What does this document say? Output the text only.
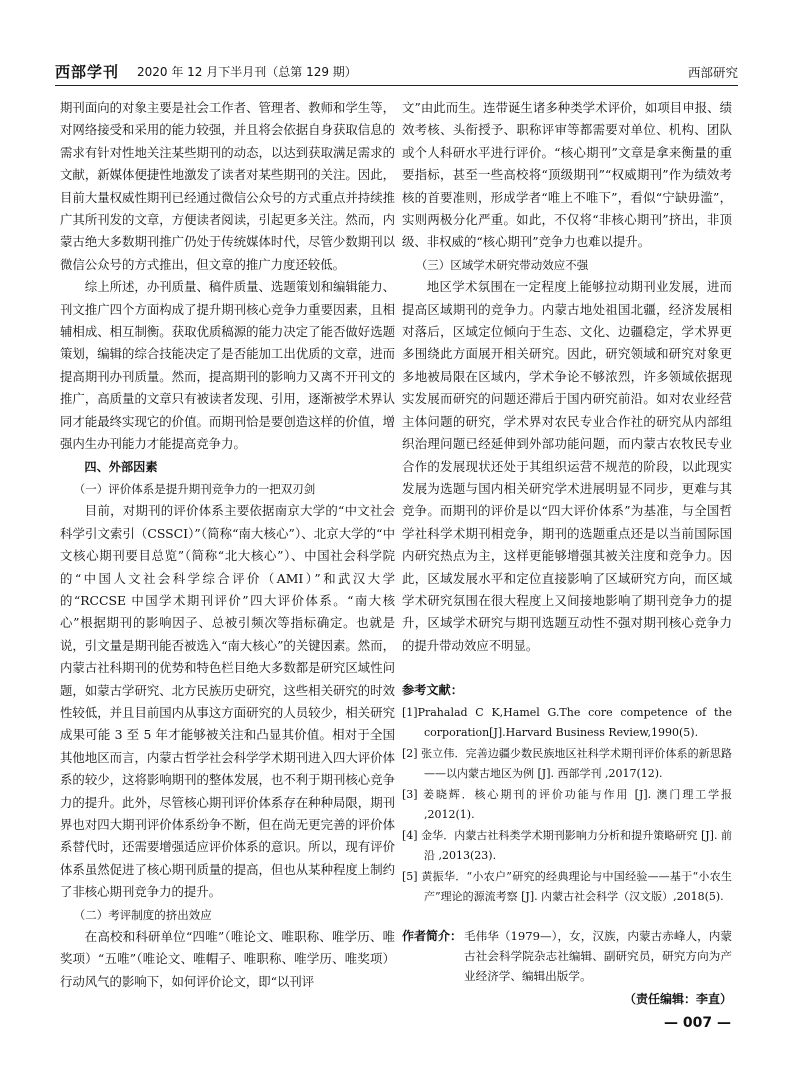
西部学刊 2020 年 12 月下半月刊（总第 129 期）	西部研究

期刊面向的对象主要是社会工作者、管理者、教师和学生等，对网络接受和采用的能力较强，并且将会依据自身获取信息的需求有针对性地关注某些期刊的动态，以达到获取满足需求的文献，新媒体便捷性地激发了读者对某些期刊的关注。因此，目前大量权威性期刊已经通过微信公众号的方式重点并持续推广其所刊发的文章，方便读者阅读，引起更多关注。然而，内蒙古绝大多数期刊推广仍处于传统媒体时代，尽管少数期刊以微信公众号的方式推出，但文章的推广力度还较低。

综上所述，办刊质量、稿件质量、选题策划和编辑能力、刊文推广四个方面构成了提升期刊核心竞争力重要因素，且相辅相成、相互制衡。获取优质稿源的能力决定了能否做好选题策划，编辑的综合技能决定了是否能加工出优质的文章，进而提高期刊办刊质量。然而，提高期刊的影响力又离不开刊文的推广，高质量的文章只有被读者发现、引用，逐渐被学术界认同才能最终实现它的价值。而期刊恰是要创造这样的价值，增强内生办刊能力才能提高竞争力。

四、外部因素

（一）评价体系是提升期刊竞争力的一把双刃剑

目前，对期刊的评价体系主要依据南京大学的“中文社会科学引文索引（CSSCI）”（简称“南大核心”）、北京大学的“中文核心期刊要目总览”（简称“北大核心”）、中国社会科学院的“中国人文社会科学综合评价（AMI）”和武汉大学的“RCCSE 中国学术期刊评价”四大评价体系。“南大核心”根据期刊的影响因子、总被引频次等指标确定。也就是说，引文量是期刊能否被选入“南大核心”的关键因素。然而，内蒙古社科期刊的优势和特色栏目绝大多数都是研究区域性问题，如蒙古学研究、北方民族历史研究，这些相关研究的时效性较低，并且目前国内从事这方面研究的人员较少，相关研究成果可能 3 至 5 年才能够被关注和凸显其价值。相对于全国其他地区而言，内蒙古哲学社会科学学术期刊进入四大评价体系的较少，这将影响期刊的整体发展，也不利于期刊核心竞争力的提升。此外，尽管核心期刊评价体系存在种种局限，期刊界也对四大期刊评价体系纷争不断，但在尚无更完善的评价体系替代时，还需要增强适应评价体系的意识。所以，现有评价体系虽然促进了核心期刊质量的提高，但也从某种程度上制约了非核心期刊竞争力的提升。

（二）考评制度的挤出效应

在高校和科研单位“四唯”（唯论文、唯职称、唯学历、唯奖项）“五唯”（唯论文、唯帽子、唯职称、唯学历、唯奖项）行动风气的影响下，如何评价论文，即“以刊评

文”由此而生。连带诞生诸多种类学术评价，如项目申报、绩效考核、头衔授予、职称评审等都需要对单位、机构、团队或个人科研水平进行评价。“核心期刊”文章是拿来衡量的重要指标，甚至一些高校将“顶级期刊”“权威期刊”作为绩效考核的首要准则，形成学者“唯上不唯下”，看似“宁缺毋滥”，实则两极分化严重。如此，不仅将“非核心期刊”挤出，非顶级、非权威的“核心期刊”竞争力也难以提升。

（三）区域学术研究带动效应不强

地区学术氛围在一定程度上能够拉动期刊业发展，进而提高区域期刊的竞争力。内蒙古地处祖国北疆，经济发展相对落后，区域定位倾向于生态、文化、边疆稳定，学术界更多围绕此方面展开相关研究。因此，研究领域和研究对象更多地被局限在区域内，学术争论不够浓烈，许多领域依据现实发展而研究的问题还滞后于国内研究前沿。如对农业经营主体问题的研究，学术界对农民专业合作社的研究从内部组织治理问题已经延伸到外部功能问题，而内蒙古农牧民专业合作的发展现状还处于其组织运营不规范的阶段，以此现实发展为选题与国内相关研究学术进展明显不同步，更难与其竞争。而期刊的评价是以“四大评价体系”为基准，与全国哲学社科学术期刊相竞争，期刊的选题重点还是以当前国际国内研究热点为主，这样更能够增强其被关注度和竞争力。因此，区域发展水平和定位直接影响了区域研究方向，而区域学术研究氛围在很大程度上又间接地影响了期刊竞争力的提升，区域学术研究与期刊选题互动性不强对期刊核心竞争力的提升带动效应不明显。

参考文献：

[1]Prahalad C K,Hamel G.The core competence of the corporation[J].Harvard Business Review,1990(5).

[2] 张立伟．完善边疆少数民族地区社科学术期刊评价体系的新思路——以内蒙古地区为例 [J]. 西部学刊 ,2017(12).

[3] 姜晓辉．核心期刊的评价功能与作用 [J]. 澳门理工学报 ,2012(1).

[4] 金华．内蒙古社科类学术期刊影响力分析和提升策略研究 [J]. 前沿 ,2013(23).

[5] 黄振华．“小农户”研究的经典理论与中国经验——基于“小农生产”理论的源流考察 [J]. 内蒙古社会科学（汉文版）,2018(5).

作者简介： 毛伟华（1979—），女，汉族，内蒙古赤峰人，内蒙古社会科学院杂志社编辑、副研究员，研究方向为产业经济学、编辑出版学。
（责任编辑：李直）
— 007 —
